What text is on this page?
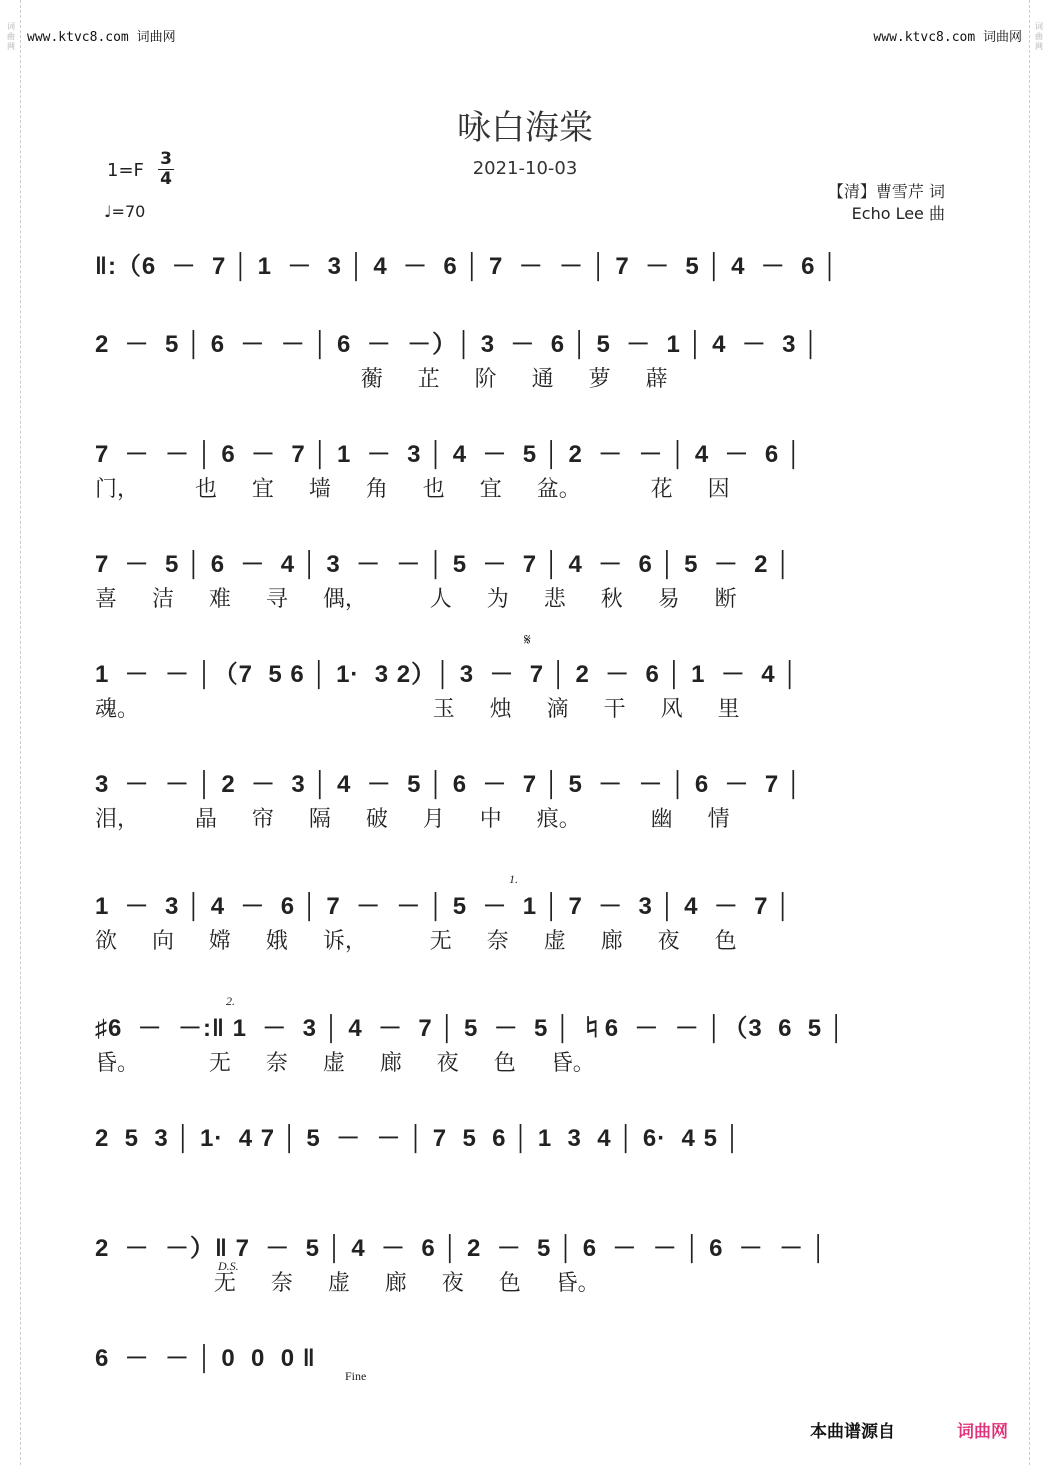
词
曲
网
词
曲
网
www.ktvc8.com 词曲网	www.ktvc8.com 词曲网
咏白海棠
2021-10-03
1=F
3
4
♩=70
【清】曹雪芹 词
Echo Lee 曲
‖:（6  －  7 │ 1  －  3 │ 4  －  6 │ 7  －  － │ 7  －  5 │ 4  －  6 │
2  －  5 │ 6  －  － │ 6  －  －）│ 3  －  6 │ 5  －  1 │ 4  －  3 │
蘅     芷     阶     通     萝     薜
7  －  － │ 6  －  7 │ 1  －  3 │ 4  －  5 │ 2  －  － │ 4  －  6 │
门，        也     宜     墙     角     也     宜     盆。          花     因
7  －  5 │ 6  －  4 │ 3  －  － │ 5  －  7 │ 4  －  6 │ 5  －  2 │
喜     洁     难     寻     偶，         人     为     悲     秋     易     断
1  －  － │（7  5 6 │ 1·  3 2）│ 3  －  7 │ 2  －  6 │ 1  －  4 │
魂。                                          玉     烛     滴     干     风     里
3  －  － │ 2  －  3 │ 4  －  5 │ 6  －  7 │ 5  －  － │ 6  －  7 │
泪，        晶     帘     隔     破     月     中     痕。          幽     情
1  －  3 │ 4  －  6 │ 7  －  － │ 5  －  1 │ 7  －  3 │ 4  －  7 │
欲     向     嫦     娥     诉，         无     奈     虚     廊     夜     色
♯6  －  －:‖ 1  －  3 │ 4  －  7 │ 5  －  5 │ ♮6  －  － │（3  6  5 │
昏。          无     奈     虚     廊     夜     色     昏。
2  5  3 │ 1·  4 7 │ 5  －  － │ 7  5  6 │ 1  3  4 │ 6·  4 5 │
2  －  －）‖ 7  －  5 │ 4  －  6 │ 2  －  5 │ 6  －  － │ 6  －  － │
无     奈     虚     廊     夜     色     昏。
6  －  － │ 0  0  0 ‖
𝄋
1.
2.
D.S.
Fine
本曲谱源自	词曲网
